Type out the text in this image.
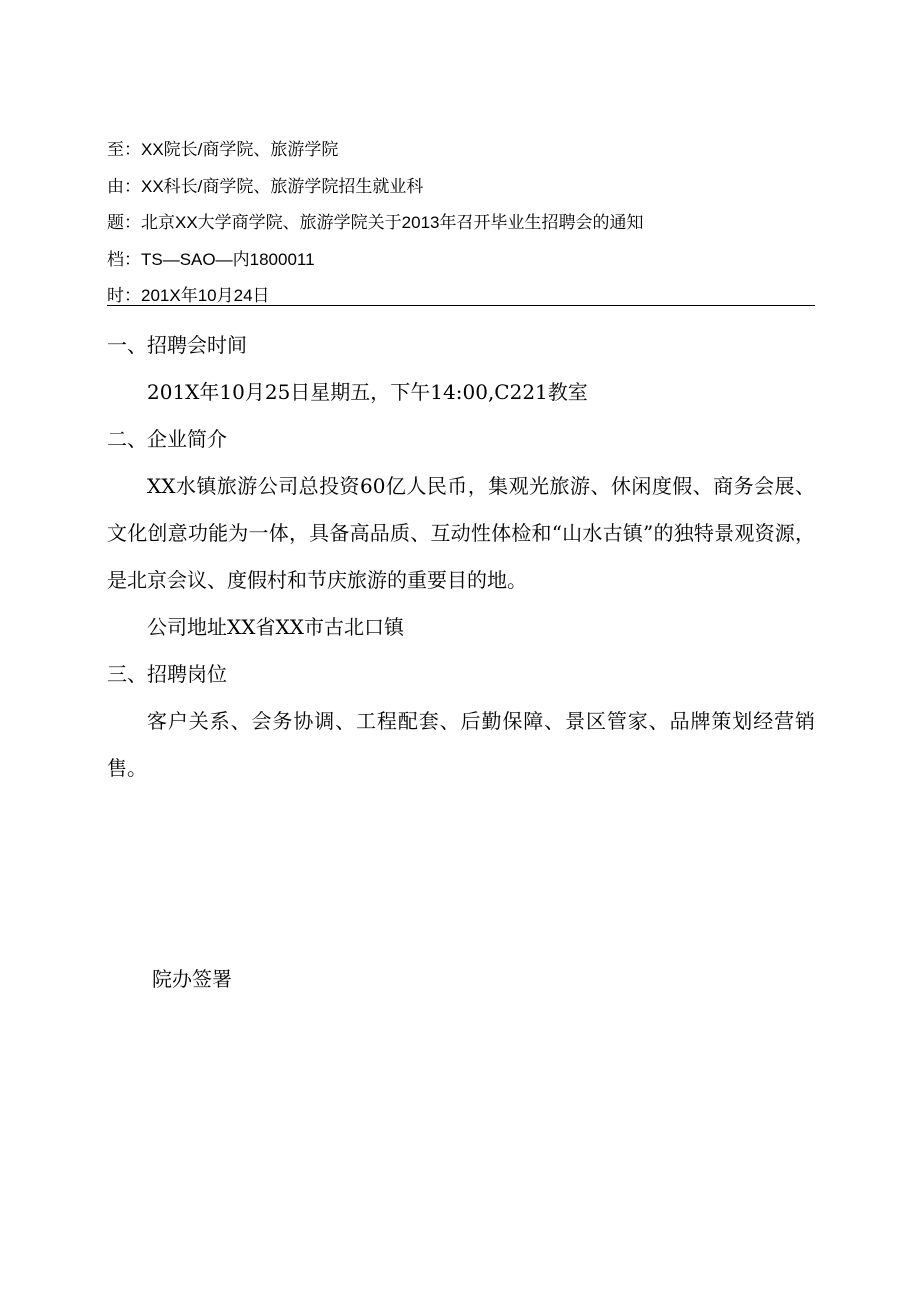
至：XX院长/商学院、旅游学院
由：XX科长/商学院、旅游学院招生就业科
题：北京XX大学商学院、旅游学院关于2013年召开毕业生招聘会的通知
档：TS—SAO—内1800011
时：201X年10月24日

一、招聘会时间

201X年10月25日星期五，下午14:00,C221教室

二、企业简介

XX水镇旅游公司总投资60亿人民币，集观光旅游、休闲度假、商务会展、文化创意功能为一体，具备高品质、互动性体检和“山水古镇”的独特景观资源，是北京会议、度假村和节庆旅游的重要目的地。

公司地址XX省XX市古北口镇

三、招聘岗位

客户关系、会务协调、工程配套、后勤保障、景区管家、品牌策划经营销售。

院办签署
